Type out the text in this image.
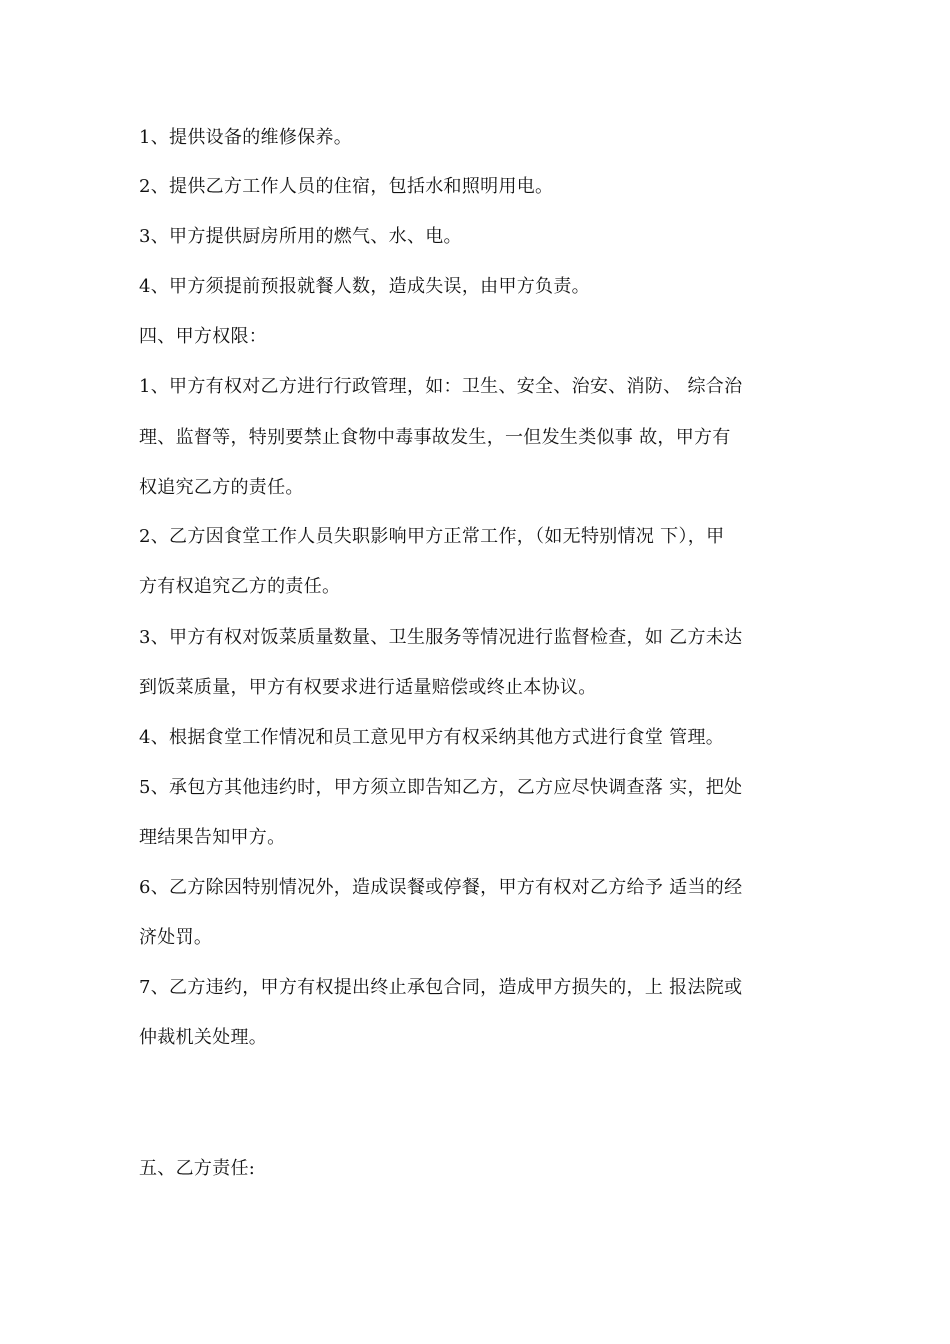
1、提供设备的维修保养。
2、提供乙方工作人员的住宿，包括水和照明用电。
3、甲方提供厨房所用的燃气、水、电。
4、甲方须提前预报就餐人数，造成失误，由甲方负责。
四、甲方权限：
1、甲方有权对乙方进行行政管理，如：卫生、安全、治安、消防、 综合治
理、监督等，特别要禁止食物中毒事故发生，一但发生类似事 故，甲方有
权追究乙方的责任。
2、乙方因食堂工作人员失职影响甲方正常工作，（如无特别情况 下），甲
方有权追究乙方的责任。
3、甲方有权对饭菜质量数量、卫生服务等情况进行监督检查，如 乙方未达
到饭菜质量，甲方有权要求进行适量赔偿或终止本协议。
4、根据食堂工作情况和员工意见甲方有权采纳其他方式进行食堂 管理。
5、承包方其他违约时，甲方须立即告知乙方，乙方应尽快调查落 实，把处
理结果告知甲方。
6、乙方除因特别情况外，造成误餐或停餐，甲方有权对乙方给予 适当的经
济处罚。
7、乙方违约，甲方有权提出终止承包合同，造成甲方损失的，上 报法院或
仲裁机关处理。
五、乙方责任:
